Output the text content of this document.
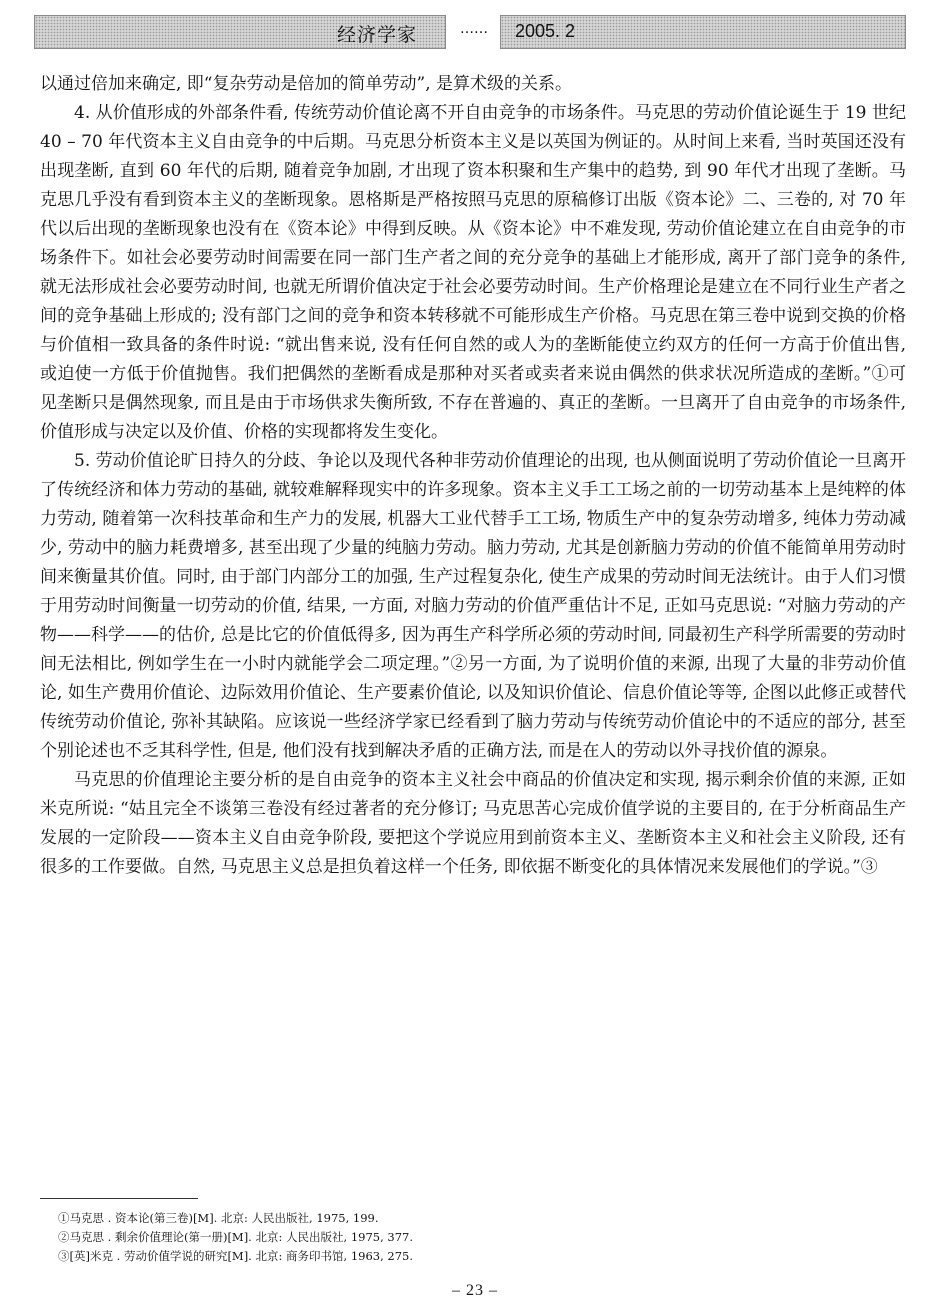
经济学家	……	2005. 2

以通过倍加来确定, 即“复杂劳动是倍加的简单劳动”, 是算术级的关系。

4. 从价值形成的外部条件看, 传统劳动价值论离不开自由竞争的市场条件。马克思的劳动价值论诞生于 19 世纪 40 – 70 年代资本主义自由竞争的中后期。马克思分析资本主义是以英国为例证的。从时间上来看, 当时英国还没有出现垄断, 直到 60 年代的后期, 随着竞争加剧, 才出现了资本积聚和生产集中的趋势, 到 90 年代才出现了垄断。马克思几乎没有看到资本主义的垄断现象。恩格斯是严格按照马克思的原稿修订出版《资本论》二、三卷的, 对 70 年代以后出现的垄断现象也没有在《资本论》中得到反映。从《资本论》中不难发现, 劳动价值论建立在自由竞争的市场条件下。如社会必要劳动时间需要在同一部门生产者之间的充分竞争的基础上才能形成, 离开了部门竞争的条件, 就无法形成社会必要劳动时间, 也就无所谓价值决定于社会必要劳动时间。生产价格理论是建立在不同行业生产者之间的竞争基础上形成的; 没有部门之间的竞争和资本转移就不可能形成生产价格。马克思在第三卷中说到交换的价格与价值相一致具备的条件时说: “就出售来说, 没有任何自然的或人为的垄断能使立约双方的任何一方高于价值出售, 或迫使一方低于价值抛售。我们把偶然的垄断看成是那种对买者或卖者来说由偶然的供求状况所造成的垄断。”①可见垄断只是偶然现象, 而且是由于市场供求失衡所致, 不存在普遍的、真正的垄断。一旦离开了自由竞争的市场条件, 价值形成与决定以及价值、价格的实现都将发生变化。

5. 劳动价值论旷日持久的分歧、争论以及现代各种非劳动价值理论的出现, 也从侧面说明了劳动价值论一旦离开了传统经济和体力劳动的基础, 就较难解释现实中的许多现象。资本主义手工工场之前的一切劳动基本上是纯粹的体力劳动, 随着第一次科技革命和生产力的发展, 机器大工业代替手工工场, 物质生产中的复杂劳动增多, 纯体力劳动减少, 劳动中的脑力耗费增多, 甚至出现了少量的纯脑力劳动。脑力劳动, 尤其是创新脑力劳动的价值不能简单用劳动时间来衡量其价值。同时, 由于部门内部分工的加强, 生产过程复杂化, 使生产成果的劳动时间无法统计。由于人们习惯于用劳动时间衡量一切劳动的价值, 结果, 一方面, 对脑力劳动的价值严重估计不足, 正如马克思说: “对脑力劳动的产物——科学——的估价, 总是比它的价值低得多, 因为再生产科学所必须的劳动时间, 同最初生产科学所需要的劳动时间无法相比, 例如学生在一小时内就能学会二项定理。”②另一方面, 为了说明价值的来源, 出现了大量的非劳动价值论, 如生产费用价值论、边际效用价值论、生产要素价值论, 以及知识价值论、信息价值论等等, 企图以此修正或替代传统劳动价值论, 弥补其缺陷。应该说一些经济学家已经看到了脑力劳动与传统劳动价值论中的不适应的部分, 甚至个别论述也不乏其科学性, 但是, 他们没有找到解决矛盾的正确方法, 而是在人的劳动以外寻找价值的源泉。

马克思的价值理论主要分析的是自由竞争的资本主义社会中商品的价值决定和实现, 揭示剩余价值的来源, 正如米克所说: “姑且完全不谈第三卷没有经过著者的充分修订; 马克思苦心完成价值学说的主要目的, 在于分析商品生产发展的一定阶段——资本主义自由竞争阶段, 要把这个学说应用到前资本主义、垄断资本主义和社会主义阶段, 还有很多的工作要做。自然, 马克思主义总是担负着这样一个任务, 即依据不断变化的具体情况来发展他们的学说。”③

①马克思 . 资本论(第三卷)[M]. 北京: 人民出版社, 1975, 199.
②马克思 . 剩余价值理论(第一册)[M]. 北京: 人民出版社, 1975, 377.
③[英]米克 . 劳动价值学说的研究[M]. 北京: 商务印书馆, 1963, 275.
– 23 –
